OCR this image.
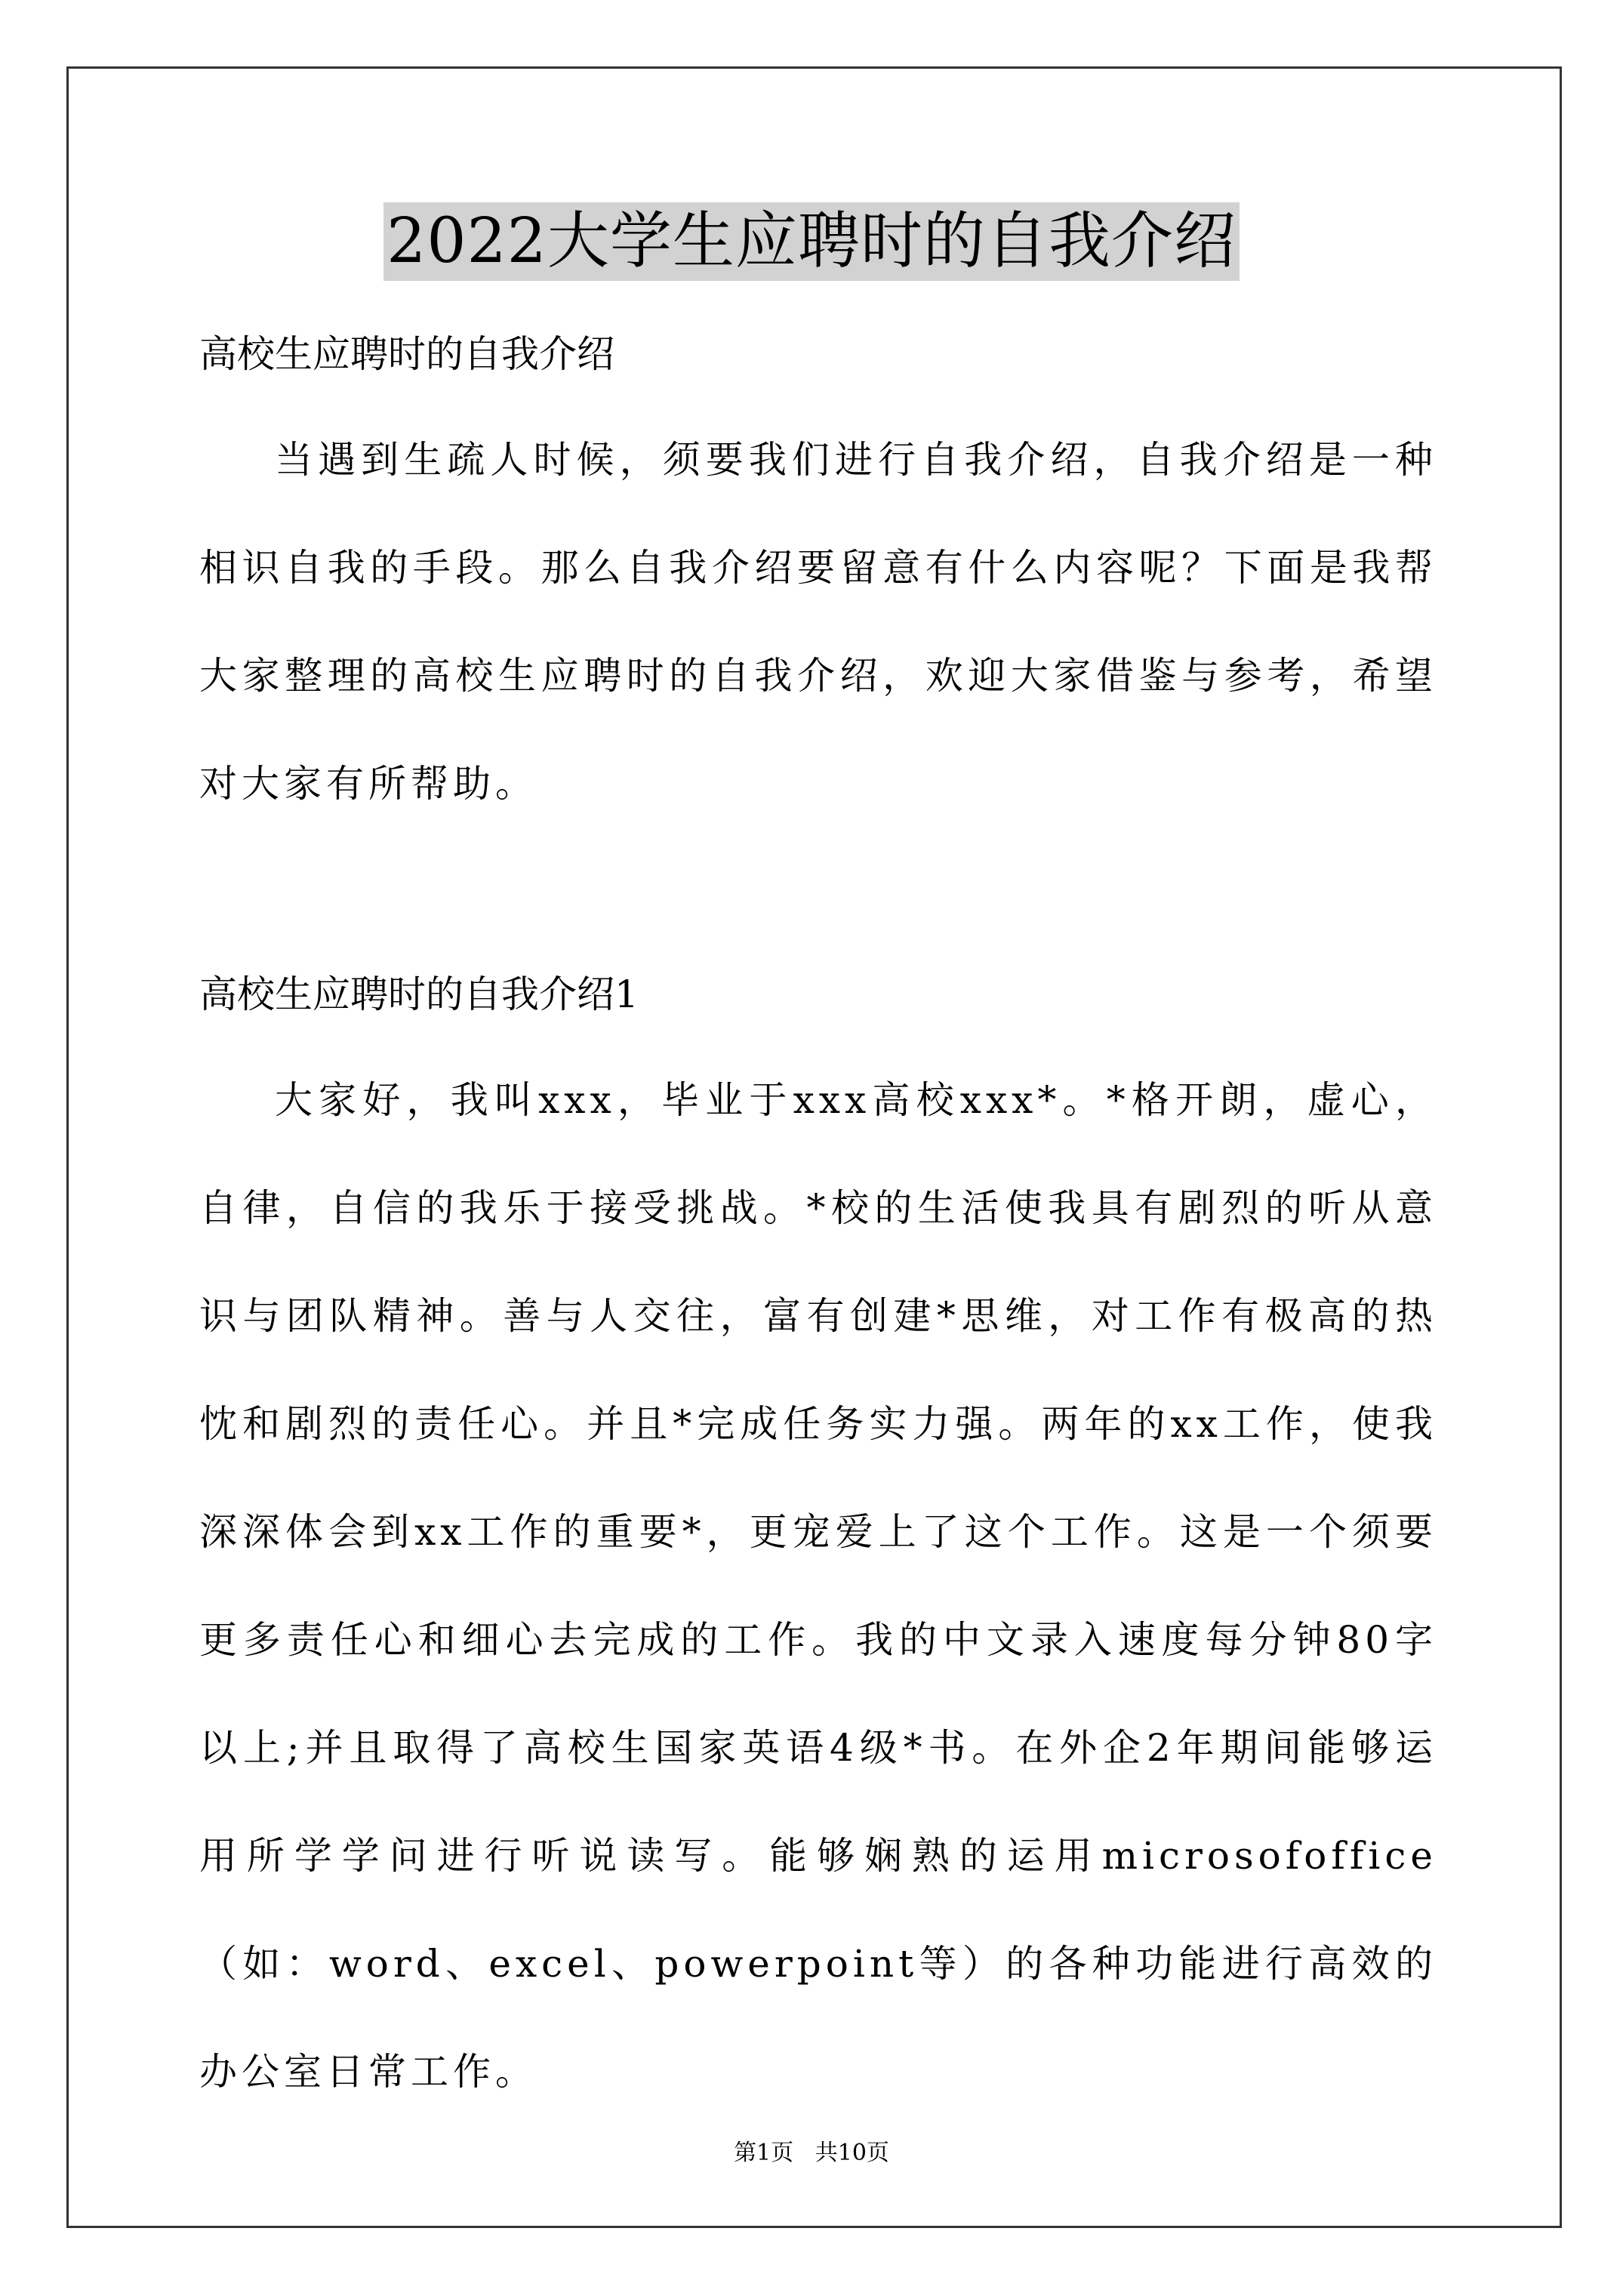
2022大学生应聘时的自我介绍

高校生应聘时的自我介绍

当遇到生疏人时候，须要我们进行自我介绍，自我介绍是一种相识自我的手段。那么自我介绍要留意有什么内容呢？下面是我帮大家整理的高校生应聘时的自我介绍，欢迎大家借鉴与参考，希望对大家有所帮助。

高校生应聘时的自我介绍1

大家好，我叫xxx，毕业于xxx高校xxx*。*格开朗，虚心，自律，自信的我乐于接受挑战。*校的生活使我具有剧烈的听从意识与团队精神。善与人交往，富有创建*思维，对工作有极高的热忱和剧烈的责任心。并且*完成任务实力强。两年的xx工作，使我深深体会到xx工作的重要*，更宠爱上了这个工作。这是一个须要更多责任心和细心去完成的工作。我的中文录入速度每分钟80字以上;并且取得了高校生国家英语4级*书。在外企2年期间能够运用所学学问进行听说读写。能够娴熟的运用microsofoffice（如：word、excel、powerpoint等）的各种功能进行高效的办公室日常工作。

第1页   共10页
